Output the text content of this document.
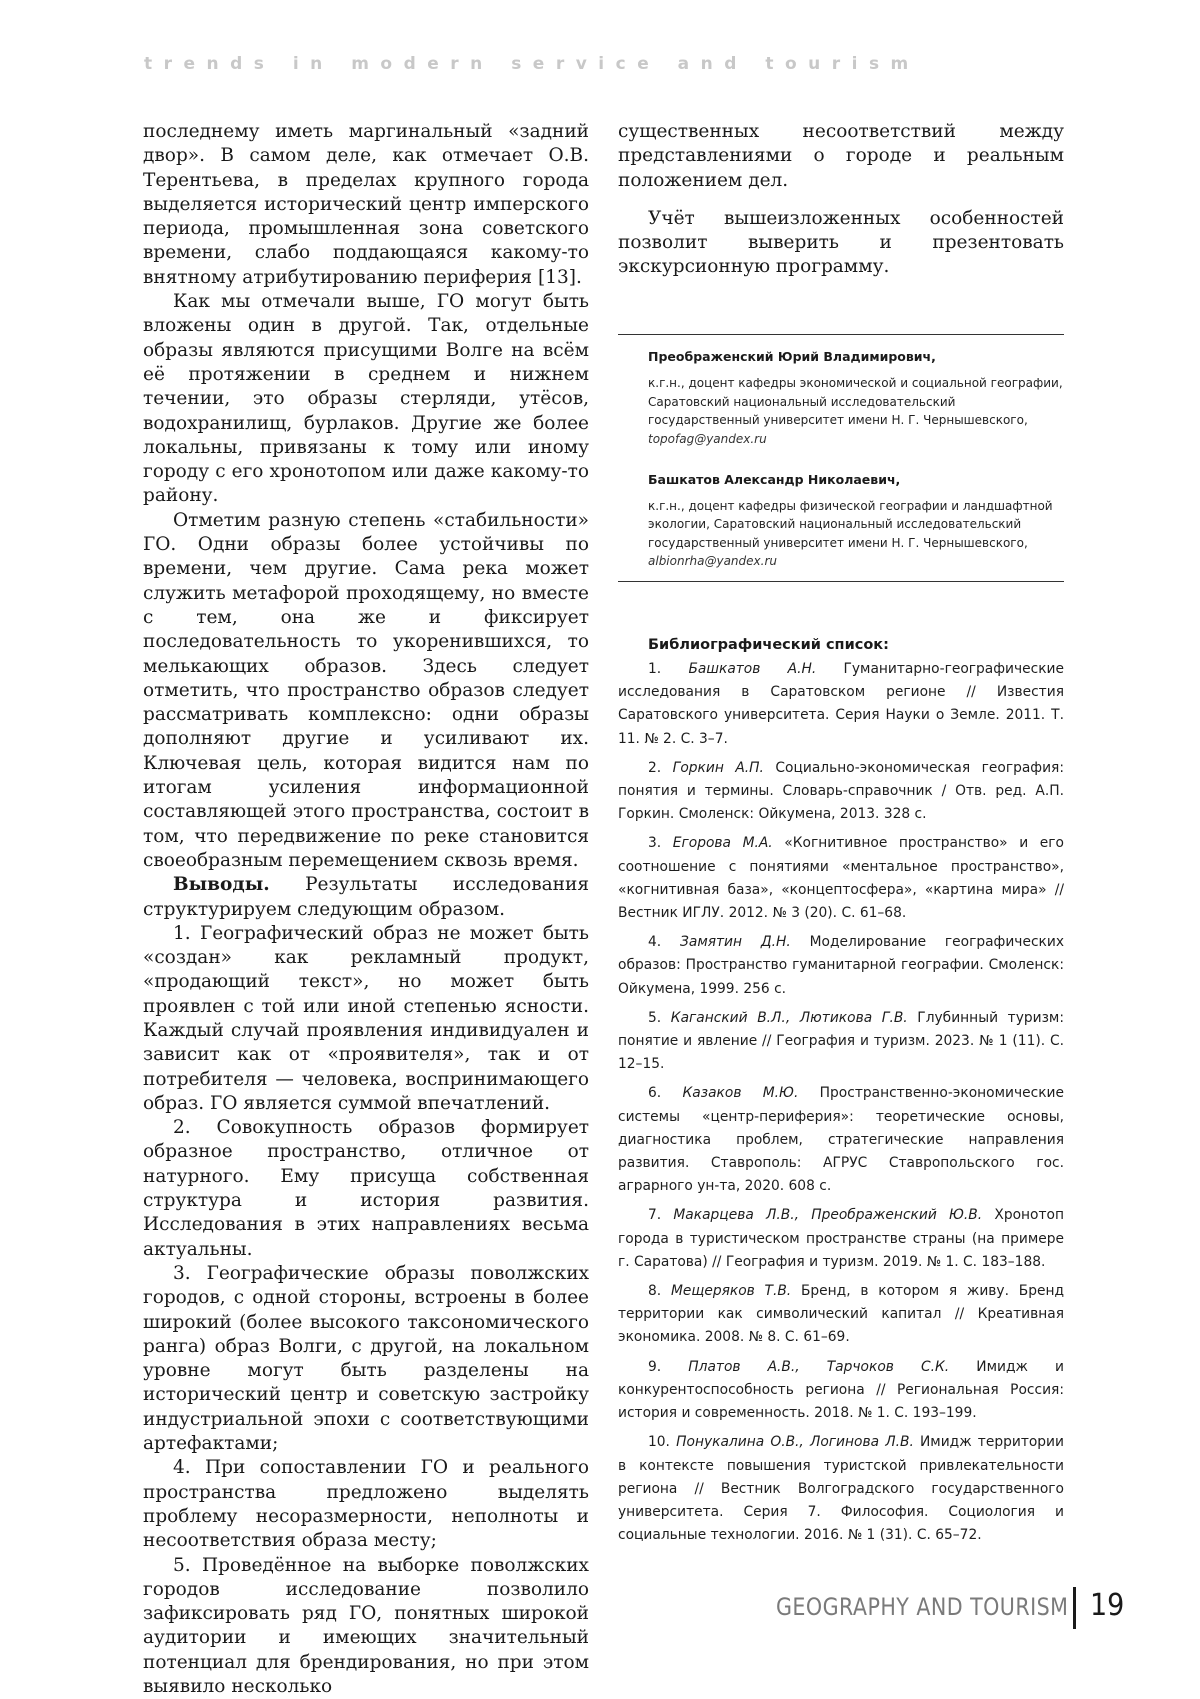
trends in modern service and tourism

последнему иметь маргинальный «задний двор». В самом деле, как отмечает О.В. Терентьева, в пределах крупного города выделяется исторический центр имперского периода, промышленная зона советского времени, слабо поддающаяся какому-то внятному атрибутированию периферия [13].

Как мы отмечали выше, ГО могут быть вложены один в другой. Так, отдельные образы являются присущими Волге на всём её протяжении в среднем и нижнем течении, это образы стерляди, утёсов, водохранилищ, бурлаков. Другие же более локальны, привязаны к тому или иному городу с его хронотопом или даже какому-то району.

Отметим разную степень «стабильности» ГО. Одни образы более устойчивы по времени, чем другие. Сама река может служить метафорой проходящему, но вместе с тем, она же и фиксирует последовательность то укоренившихся, то мелькающих образов. Здесь следует отметить, что пространство образов следует рассматривать комплексно: одни образы дополняют другие и усиливают их. Ключевая цель, которая видится нам по итогам усиления информационной составляющей этого пространства, состоит в том, что передвижение по реке становится своеобразным перемещением сквозь время.

Выводы. Результаты исследования структурируем следующим образом.

1. Географический образ не может быть «создан» как рекламный продукт, «продающий текст», но может быть проявлен с той или иной степенью ясности. Каждый случай проявления индивидуален и зависит как от «проявителя», так и от потребителя — человека, воспринимающего образ. ГО является суммой впечатлений.

2. Совокупность образов формирует образное пространство, отличное от натурного. Ему присуща собственная структура и история развития. Исследования в этих направлениях весьма актуальны.

3. Географические образы поволжских городов, с одной стороны, встроены в более широкий (более высокого таксономического ранга) образ Волги, с другой, на локальном уровне могут быть разделены на исторический центр и советскую застройку индустриальной эпохи с соответствующими артефактами;

4. При сопоставлении ГО и реального пространства предложено выделять проблему несоразмерности, неполноты и несоответствия образа месту;

5. Проведённое на выборке поволжских городов исследование позволило зафиксировать ряд ГО, понятных широкой аудитории и имеющих значительный потенциал для брендирования, но при этом выявило несколько

существенных несоответствий между представлениями о городе и реальным положением дел.

Учёт вышеизложенных особенностей позволит выверить и презентовать экскурсионную программу.

Преображенский Юрий Владимирович,
к.г.н., доцент кафедры экономической и социальной географии, Саратовский национальный исследовательский государственный университет имени Н. Г. Чернышевского,
topofag@yandex.ru
Башкатов Александр Николаевич,
к.г.н., доцент кафедры физической географии и ландшафтной экологии, Саратовский национальный исследовательский государственный университет имени Н. Г. Чернышевского,
albionrha@yandex.ru
Библиографический список:

1. Башкатов А.Н. Гуманитарно-географические исследования в Саратовском регионе // Известия Саратовского университета. Серия Науки о Земле. 2011. Т. 11. № 2. С. 3–7.

2. Горкин А.П. Социально-экономическая география: понятия и термины. Словарь-справочник / Отв. ред. А.П. Горкин. Смоленск: Ойкумена, 2013. 328 с.

3. Егорова М.А. «Когнитивное пространство» и его соотношение с понятиями «ментальное пространство», «когнитивная база», «концептосфера», «картина мира» // Вестник ИГЛУ. 2012. № 3 (20). С. 61–68.

4. Замятин Д.Н. Моделирование географических образов: Пространство гуманитарной географии. Смоленск: Ойкумена, 1999. 256 с.

5. Каганский В.Л., Лютикова Г.В. Глубинный туризм: понятие и явление // География и туризм. 2023. № 1 (11). С. 12–15.

6. Казаков М.Ю. Пространственно-экономические системы «центр-периферия»: теоретические основы, диагностика проблем, стратегические направления развития. Ставрополь: АГРУС Ставропольского гос. аграрного ун-та, 2020. 608 с.

7. Макарцева Л.В., Преображенский Ю.В. Хронотоп города в туристическом пространстве страны (на примере г. Саратова) // География и туризм. 2019. № 1. С. 183–188.

8. Мещеряков Т.В. Бренд, в котором я живу. Бренд территории как символический капитал // Креативная экономика. 2008. № 8. С. 61–69.

9. Платов А.В., Тарчоков С.К. Имидж и конкурентоспособность региона // Региональная Россия: история и современность. 2018. № 1. С. 193–199.

10. Понукалина О.В., Логинова Л.В. Имидж территории в контексте повышения туристской привлекательности региона // Вестник Волгоградского государственного университета. Серия 7. Философия. Социология и социальные технологии. 2016. № 1 (31). С. 65–72.

GEOGRAPHY AND TOURISM 19
